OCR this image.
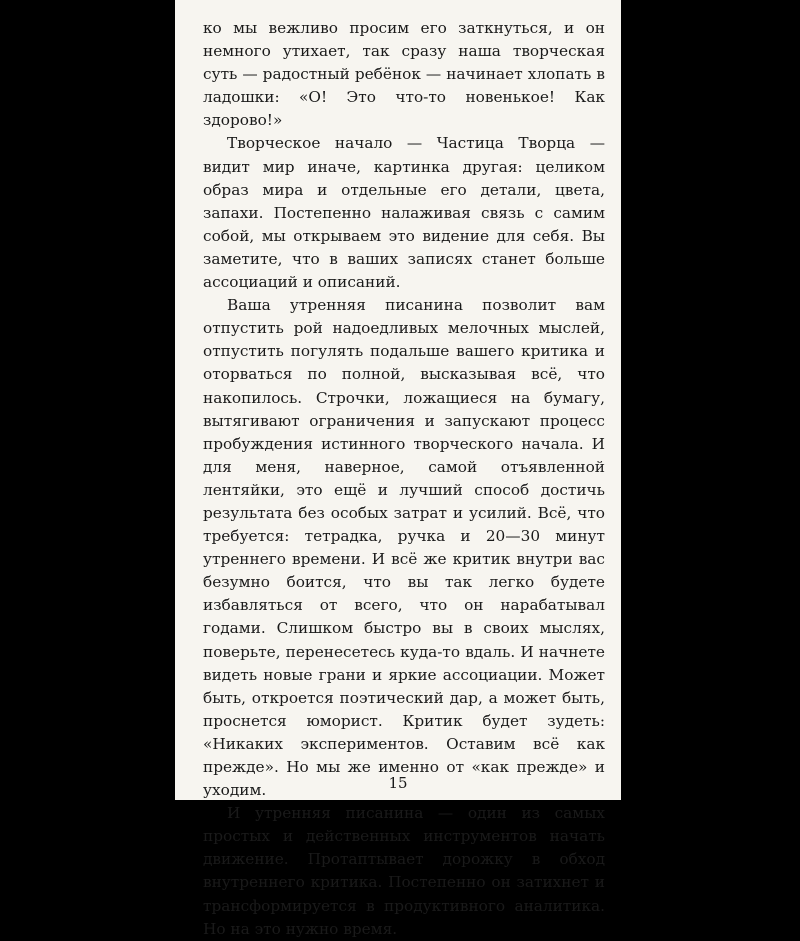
ко мы вежливо просим его заткнуться, и он немного утихает, так сразу наша творческая суть — радостный ребёнок — начинает хлопать в ладошки: «О! Это что-то новенькое! Как здорово!»

Творческое начало — Частица Творца — видит мир иначе, картинка другая: целиком образ мира и отдельные его детали, цвета, запахи. Постепенно налаживая связь с самим собой, мы открываем это видение для себя. Вы заметите, что в ваших записях станет больше ассоциаций и описаний.

Ваша утренняя писанина позволит вам отпустить рой надоедливых мелочных мыслей, отпустить погулять подальше вашего критика и оторваться по полной, высказывая всё, что накопилось. Строчки, ложащиеся на бумагу, вытягивают ограничения и запускают процесс пробуждения истинного творческого начала. И для меня, наверное, самой отъявленной лентяйки, это ещё и лучший способ достичь результата без особых затрат и усилий. Всё, что требуется: тетрадка, ручка и 20—30 минут утреннего времени. И всё же критик внутри вас безумно боится, что вы так легко будете избавляться от всего, что он нарабатывал годами. Слишком быстро вы в своих мыслях, поверьте, перенесетесь куда-то вдаль. И начнете видеть новые грани и яркие ассоциации. Может быть, откроется поэтический дар, а может быть, проснется юморист. Критик будет зудеть: «Никаких экспериментов. Оставим всё как прежде». Но мы же именно от «как прежде» и уходим.

И утренняя писанина — один из самых простых и действенных инструментов начать движение. Протаптывает дорожку в обход внутреннего критика. Постепенно он затихнет и трансформируется в продуктивного аналитика. Но на это нужно время.

15
